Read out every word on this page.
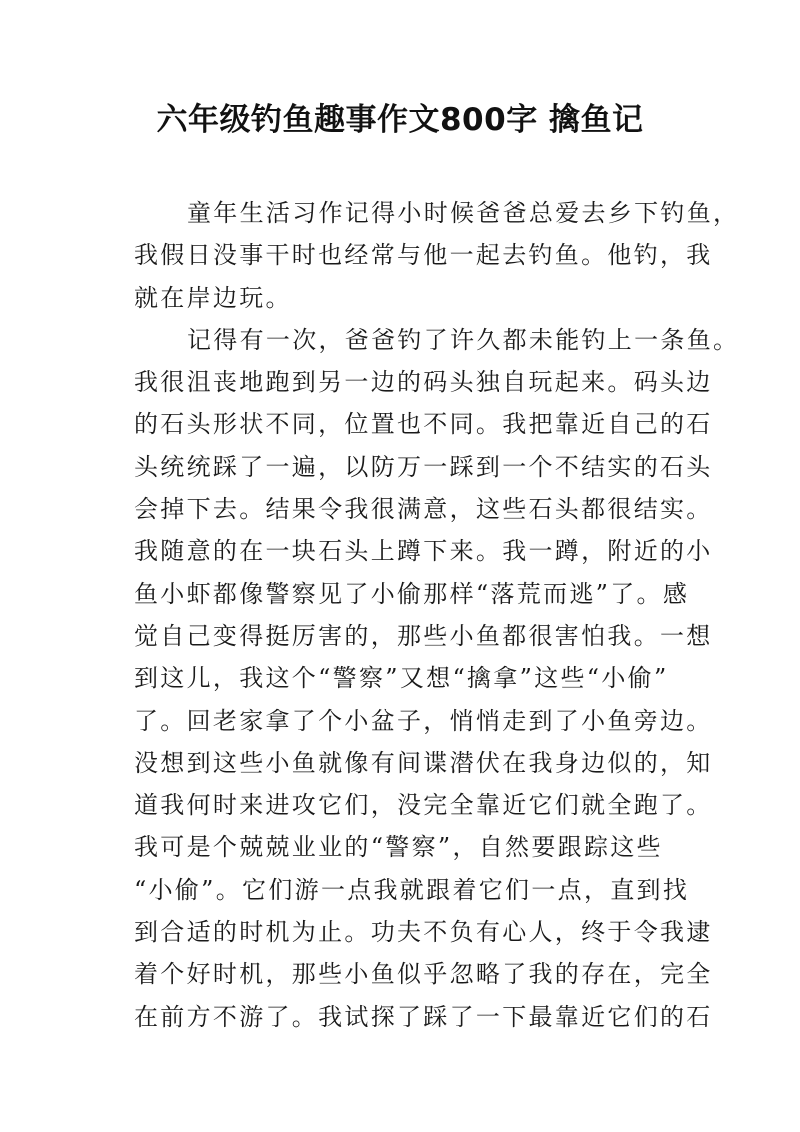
六年级钓鱼趣事作文800字 擒鱼记
童年生活习作记得小时候爸爸总爱去乡下钓鱼，
我假日没事干时也经常与他一起去钓鱼。他钓，我
就在岸边玩。
记得有一次，爸爸钓了许久都未能钓上一条鱼。
我很沮丧地跑到另一边的码头独自玩起来。码头边
的石头形状不同，位置也不同。我把靠近自己的石
头统统踩了一遍，以防万一踩到一个不结实的石头
会掉下去。结果令我很满意，这些石头都很结实。
我随意的在一块石头上蹲下来。我一蹲，附近的小
鱼小虾都像警察见了小偷那样“落荒而逃”了。感
觉自己变得挺厉害的，那些小鱼都很害怕我。一想
到这儿，我这个“警察”又想“擒拿”这些“小偷”
了。回老家拿了个小盆子，悄悄走到了小鱼旁边。
没想到这些小鱼就像有间谍潜伏在我身边似的，知
道我何时来进攻它们，没完全靠近它们就全跑了。
我可是个兢兢业业的“警察”，自然要跟踪这些
“小偷”。它们游一点我就跟着它们一点，直到找
到合适的时机为止。功夫不负有心人，终于令我逮
着个好时机，那些小鱼似乎忽略了我的存在，完全
在前方不游了。我试探了踩了一下最靠近它们的石
